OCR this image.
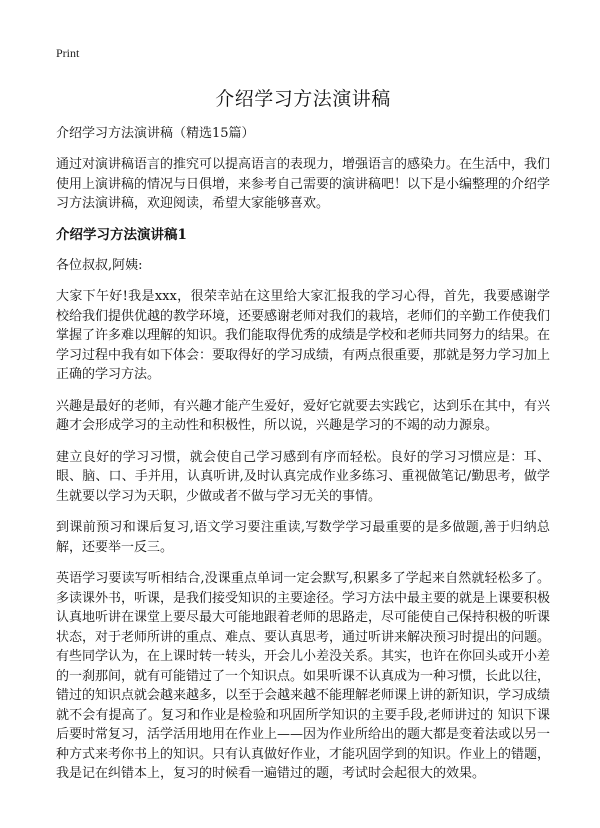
Print
介绍学习方法演讲稿
介绍学习方法演讲稿（精选15篇）

通过对演讲稿语言的推究可以提高语言的表现力，增强语言的感染力。在生活中，我们使用上演讲稿的情况与日俱增，来参考自己需要的演讲稿吧！以下是小编整理的介绍学习方法演讲稿，欢迎阅读，希望大家能够喜欢。

介绍学习方法演讲稿1

各位叔叔,阿姨:

大家下午好!我是xxx，很荣幸站在这里给大家汇报我的学习心得，首先，我要感谢学校给我们提供优越的教学环境，还要感谢老师对我们的栽培，老师们的辛勤工作使我们掌握了许多难以理解的知识。我们能取得优秀的成绩是学校和老师共同努力的结果。在学习过程中我有如下体会：要取得好的学习成绩，有两点很重要，那就是努力学习加上正确的学习方法。

兴趣是最好的老师，有兴趣才能产生爱好，爱好它就要去实践它，达到乐在其中，有兴趣才会形成学习的主动性和积极性，所以说，兴趣是学习的不竭的动力源泉。

建立良好的学习习惯，就会使自己学习感到有序而轻松。良好的学习习惯应是：耳、眼、脑、口、手并用，认真听讲,及时认真完成作业多练习、重视做笔记/勤思考，做学生就要以学习为天职，少做或者不做与学习无关的事情。

到课前预习和课后复习,语文学习要注重读,写数学学习最重要的是多做题,善于归纳总解，还要举一反三。

英语学习要读写听相结合,没课重点单词一定会默写,积累多了学起来自然就轻松多了。多读课外书，听课，是我们接受知识的主要途径。学习方法中最主要的就是上课要积极认真地听讲在课堂上要尽最大可能地跟着老师的思路走，尽可能使自己保持积极的听课状态，对于老师所讲的重点、难点、要认真思考，通过听讲来解决预习时提出的问题。有些同学认为，在上课时转一转头，开会儿小差没关系。其实，也许在你回头或开小差的一刹那间，就有可能错过了一个知识点。如果听课不认真成为一种习惯，长此以往，错过的知识点就会越来越多，以至于会越来越不能理解老师课上讲的新知识，学习成绩就不会有提高了。复习和作业是检验和巩固所学知识的主要手段,老师讲过的 知识下课后要时常复习，活学活用地用在作业上——因为作业所给出的题大都是变着法或以另一种方式来考你书上的知识。只有认真做好作业，才能巩固学到的知识。作业上的错题，我是记在纠错本上，复习的时候看一遍错过的题，考试时会起很大的效果。
